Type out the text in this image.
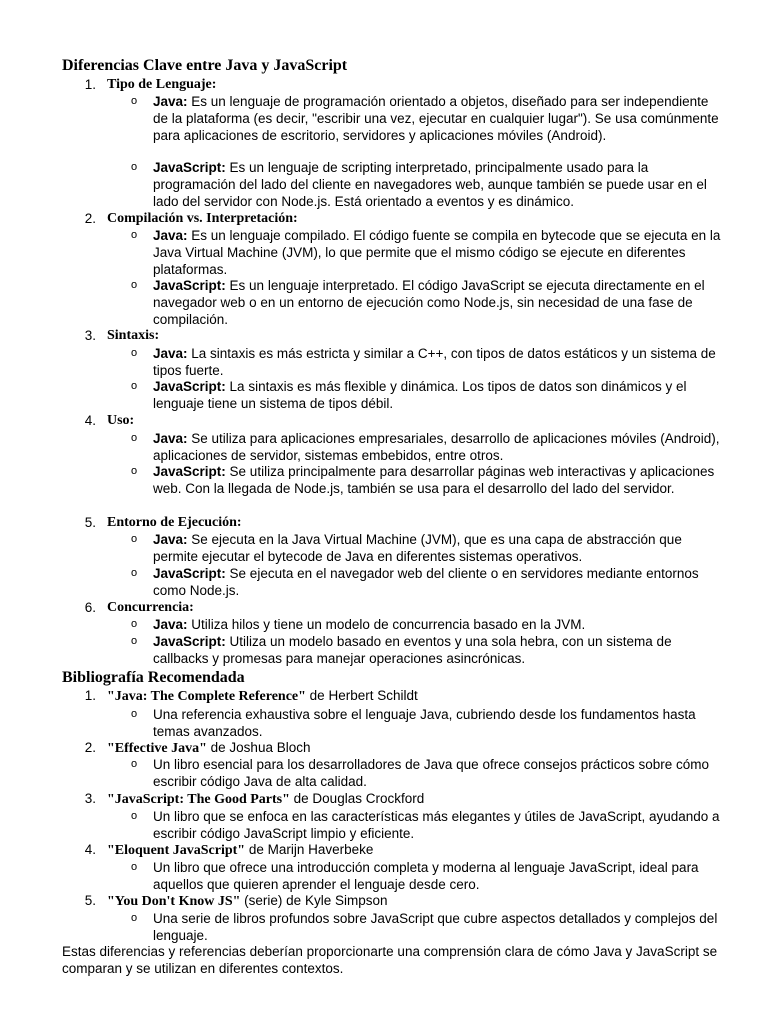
Diferencias Clave entre Java y JavaScript
1. Tipo de Lenguaje:
o Java: Es un lenguaje de programación orientado a objetos, diseñado para ser independiente de la plataforma (es decir, "escribir una vez, ejecutar en cualquier lugar"). Se usa comúnmente para aplicaciones de escritorio, servidores y aplicaciones móviles (Android).
o JavaScript: Es un lenguaje de scripting interpretado, principalmente usado para la programación del lado del cliente en navegadores web, aunque también se puede usar en el lado del servidor con Node.js. Está orientado a eventos y es dinámico.
2. Compilación vs. Interpretación:
o Java: Es un lenguaje compilado. El código fuente se compila en bytecode que se ejecuta en la Java Virtual Machine (JVM), lo que permite que el mismo código se ejecute en diferentes plataformas.
o JavaScript: Es un lenguaje interpretado. El código JavaScript se ejecuta directamente en el navegador web o en un entorno de ejecución como Node.js, sin necesidad de una fase de compilación.
3. Sintaxis:
o Java: La sintaxis es más estricta y similar a C++, con tipos de datos estáticos y un sistema de tipos fuerte.
o JavaScript: La sintaxis es más flexible y dinámica. Los tipos de datos son dinámicos y el lenguaje tiene un sistema de tipos débil.
4. Uso:
o Java: Se utiliza para aplicaciones empresariales, desarrollo de aplicaciones móviles (Android), aplicaciones de servidor, sistemas embebidos, entre otros.
o JavaScript: Se utiliza principalmente para desarrollar páginas web interactivas y aplicaciones web. Con la llegada de Node.js, también se usa para el desarrollo del lado del servidor.
5. Entorno de Ejecución:
o Java: Se ejecuta en la Java Virtual Machine (JVM), que es una capa de abstracción que permite ejecutar el bytecode de Java en diferentes sistemas operativos.
o JavaScript: Se ejecuta en el navegador web del cliente o en servidores mediante entornos como Node.js.
6. Concurrencia:
o Java: Utiliza hilos y tiene un modelo de concurrencia basado en la JVM.
o JavaScript: Utiliza un modelo basado en eventos y una sola hebra, con un sistema de callbacks y promesas para manejar operaciones asincrónicas.
Bibliografía Recomendada
1. "Java: The Complete Reference" de Herbert Schildt
o Una referencia exhaustiva sobre el lenguaje Java, cubriendo desde los fundamentos hasta temas avanzados.
2. "Effective Java" de Joshua Bloch
o Un libro esencial para los desarrolladores de Java que ofrece consejos prácticos sobre cómo escribir código Java de alta calidad.
3. "JavaScript: The Good Parts" de Douglas Crockford
o Un libro que se enfoca en las características más elegantes y útiles de JavaScript, ayudando a escribir código JavaScript limpio y eficiente.
4. "Eloquent JavaScript" de Marijn Haverbeke
o Un libro que ofrece una introducción completa y moderna al lenguaje JavaScript, ideal para aquellos que quieren aprender el lenguaje desde cero.
5. "You Don't Know JS" (serie) de Kyle Simpson
o Una serie de libros profundos sobre JavaScript que cubre aspectos detallados y complejos del lenguaje.

Estas diferencias y referencias deberían proporcionarte una comprensión clara de cómo Java y JavaScript se comparan y se utilizan en diferentes contextos.
